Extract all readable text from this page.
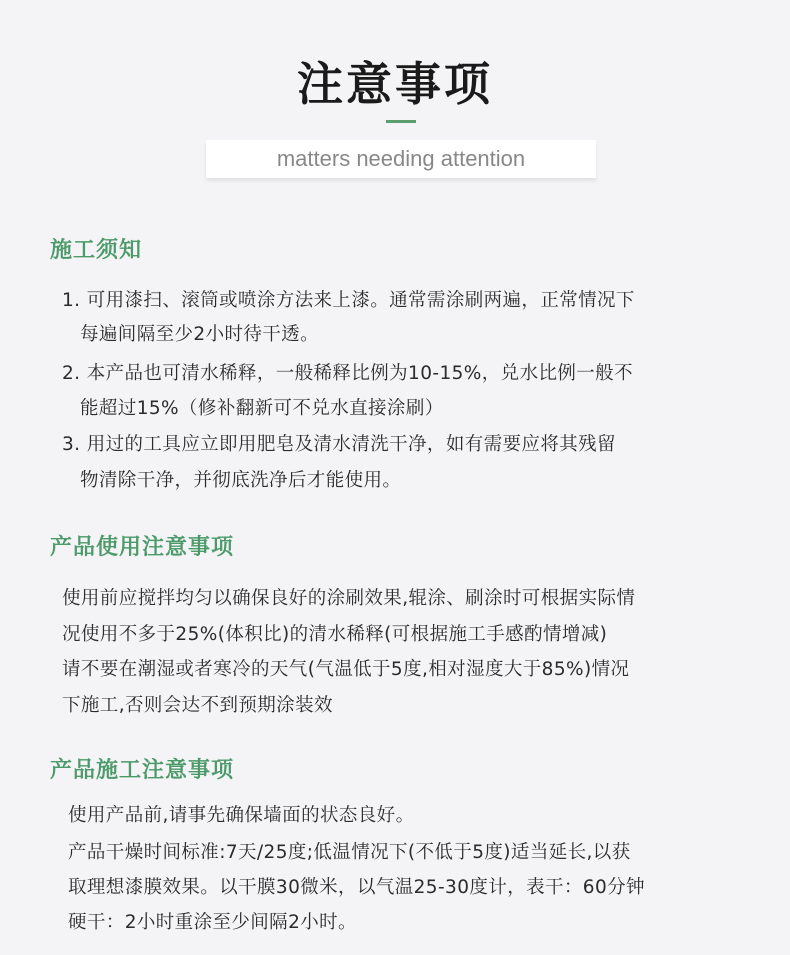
注意事项
matters needing attention
施工须知
1. 可用漆扫、滚筒或喷涂方法来上漆。通常需涂刷两遍，正常情况下
每遍间隔至少2小时待干透。
2. 本产品也可清水稀释，一般稀释比例为10-15%，兑水比例一般不
能超过15%（修补翻新可不兑水直接涂刷）
3. 用过的工具应立即用肥皂及清水清洗干净，如有需要应将其残留
物清除干净，并彻底洗净后才能使用。
产品使用注意事项
使用前应搅拌均匀以确保良好的涂刷效果,辊涂、刷涂时可根据实际情
况使用不多于25%(体积比)的清水稀释(可根据施工手感酌情增减)
请不要在潮湿或者寒冷的天气(气温低于5度,相对湿度大于85%)情况
下施工,否则会达不到预期涂装效
产品施工注意事项
使用产品前,请事先确保墙面的状态良好。
产品干燥时间标准:7天/25度;低温情况下(不低于5度)适当延长,以获
取理想漆膜效果。以干膜30微米，以气温25-30度计，表干：60分钟
硬干：2小时重涂至少间隔2小时。
